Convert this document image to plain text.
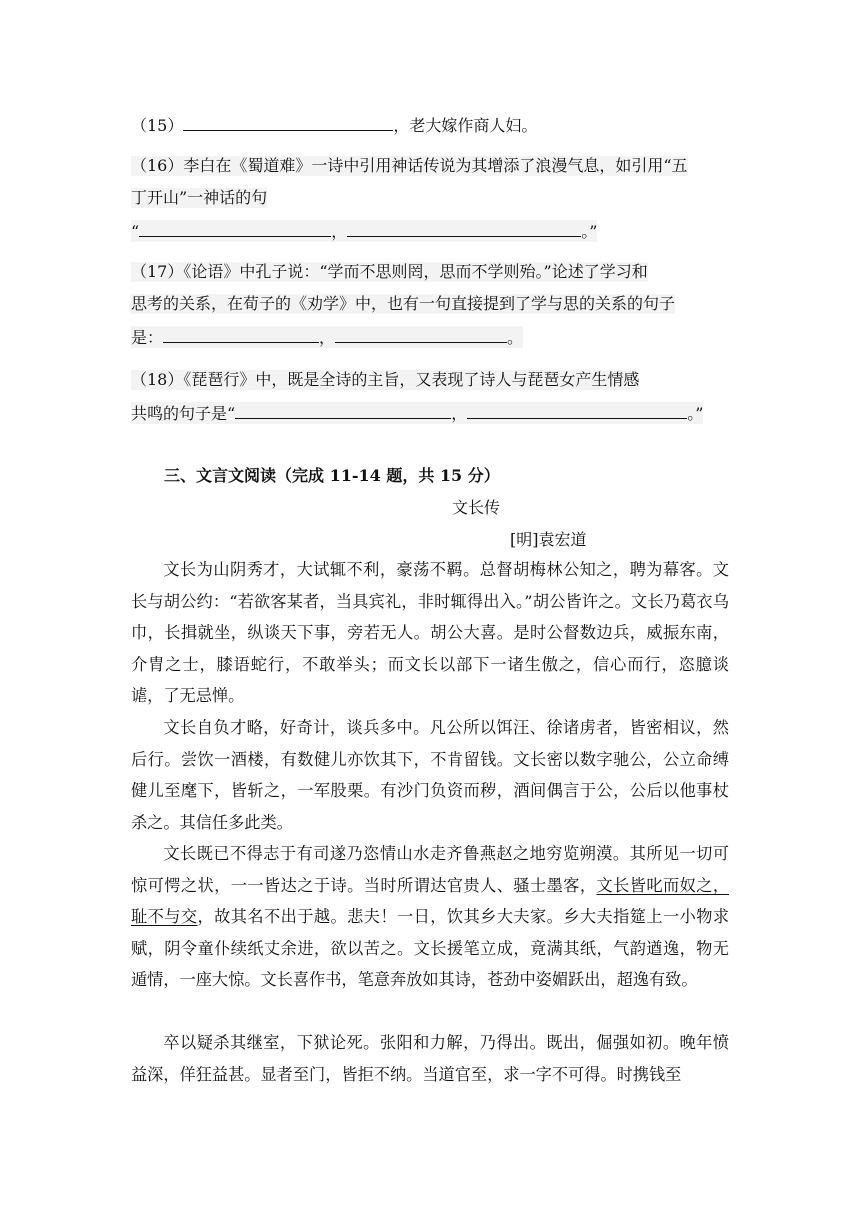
（15）	，老大嫁作商人妇。
（16）李白在《蜀道难》一诗中引用神话传说为其增添了浪漫气息，如引用“五
丁开山”一神话的句
“	，	。”
（17）《论语》中孔子说：“学而不思则罔，思而不学则殆。”论述了学习和
思考的关系，在荀子的《劝学》中，也有一句直接提到了学与思的关系的句子
是：	，	。
（18）《琵琶行》中，既是全诗的主旨，又表现了诗人与琵琶女产生情感
共鸣的句子是“	，	。”
三、文言文阅读（完成 11-14 题，共 15 分）
文长传
[明]袁宏道

文长为山阴秀才，大试辄不利，豪荡不羁。总督胡梅林公知之，聘为幕客。文长与胡公约：“若欲客某者，当具宾礼，非时辄得出入。”胡公皆许之。文长乃葛衣乌巾，长揖就坐，纵谈天下事，旁若无人。胡公大喜。是时公督数边兵，威振东南，介胄之士，膝语蛇行，不敢举头；而文长以部下一诸生傲之，信心而行，恣臆谈谑，了无忌惮。

文长自负才略，好奇计，谈兵多中。凡公所以饵汪、徐诸虏者，皆密相议，然后行。尝饮一酒楼，有数健儿亦饮其下，不肯留钱。文长密以数字驰公，公立命缚健儿至麾下，皆斩之，一军股栗。有沙门负资而秽，酒间偶言于公，公后以他事杖杀之。其信任多此类。

文长既已不得志于有司遂乃恣情山水走齐鲁燕赵之地穷览朔漠。其所见一切可惊可愕之状，一一皆达之于诗。当时所谓达官贵人、骚士墨客，文长皆叱而奴之，耻不与交，故其名不出于越。悲夫！一日，饮其乡大夫家。乡大夫指筵上一小物求赋，阴令童仆续纸丈余进，欲以苦之。文长援笔立成，竟满其纸，气韵遒逸，物无遁情，一座大惊。文长喜作书，笔意奔放如其诗，苍劲中姿媚跃出，超逸有致。

卒以疑杀其继室，下狱论死。张阳和力解，乃得出。既出，倔强如初。晚年愤益深，佯狂益甚。显者至门，皆拒不纳。当道官至，求一字不可得。时携钱至
